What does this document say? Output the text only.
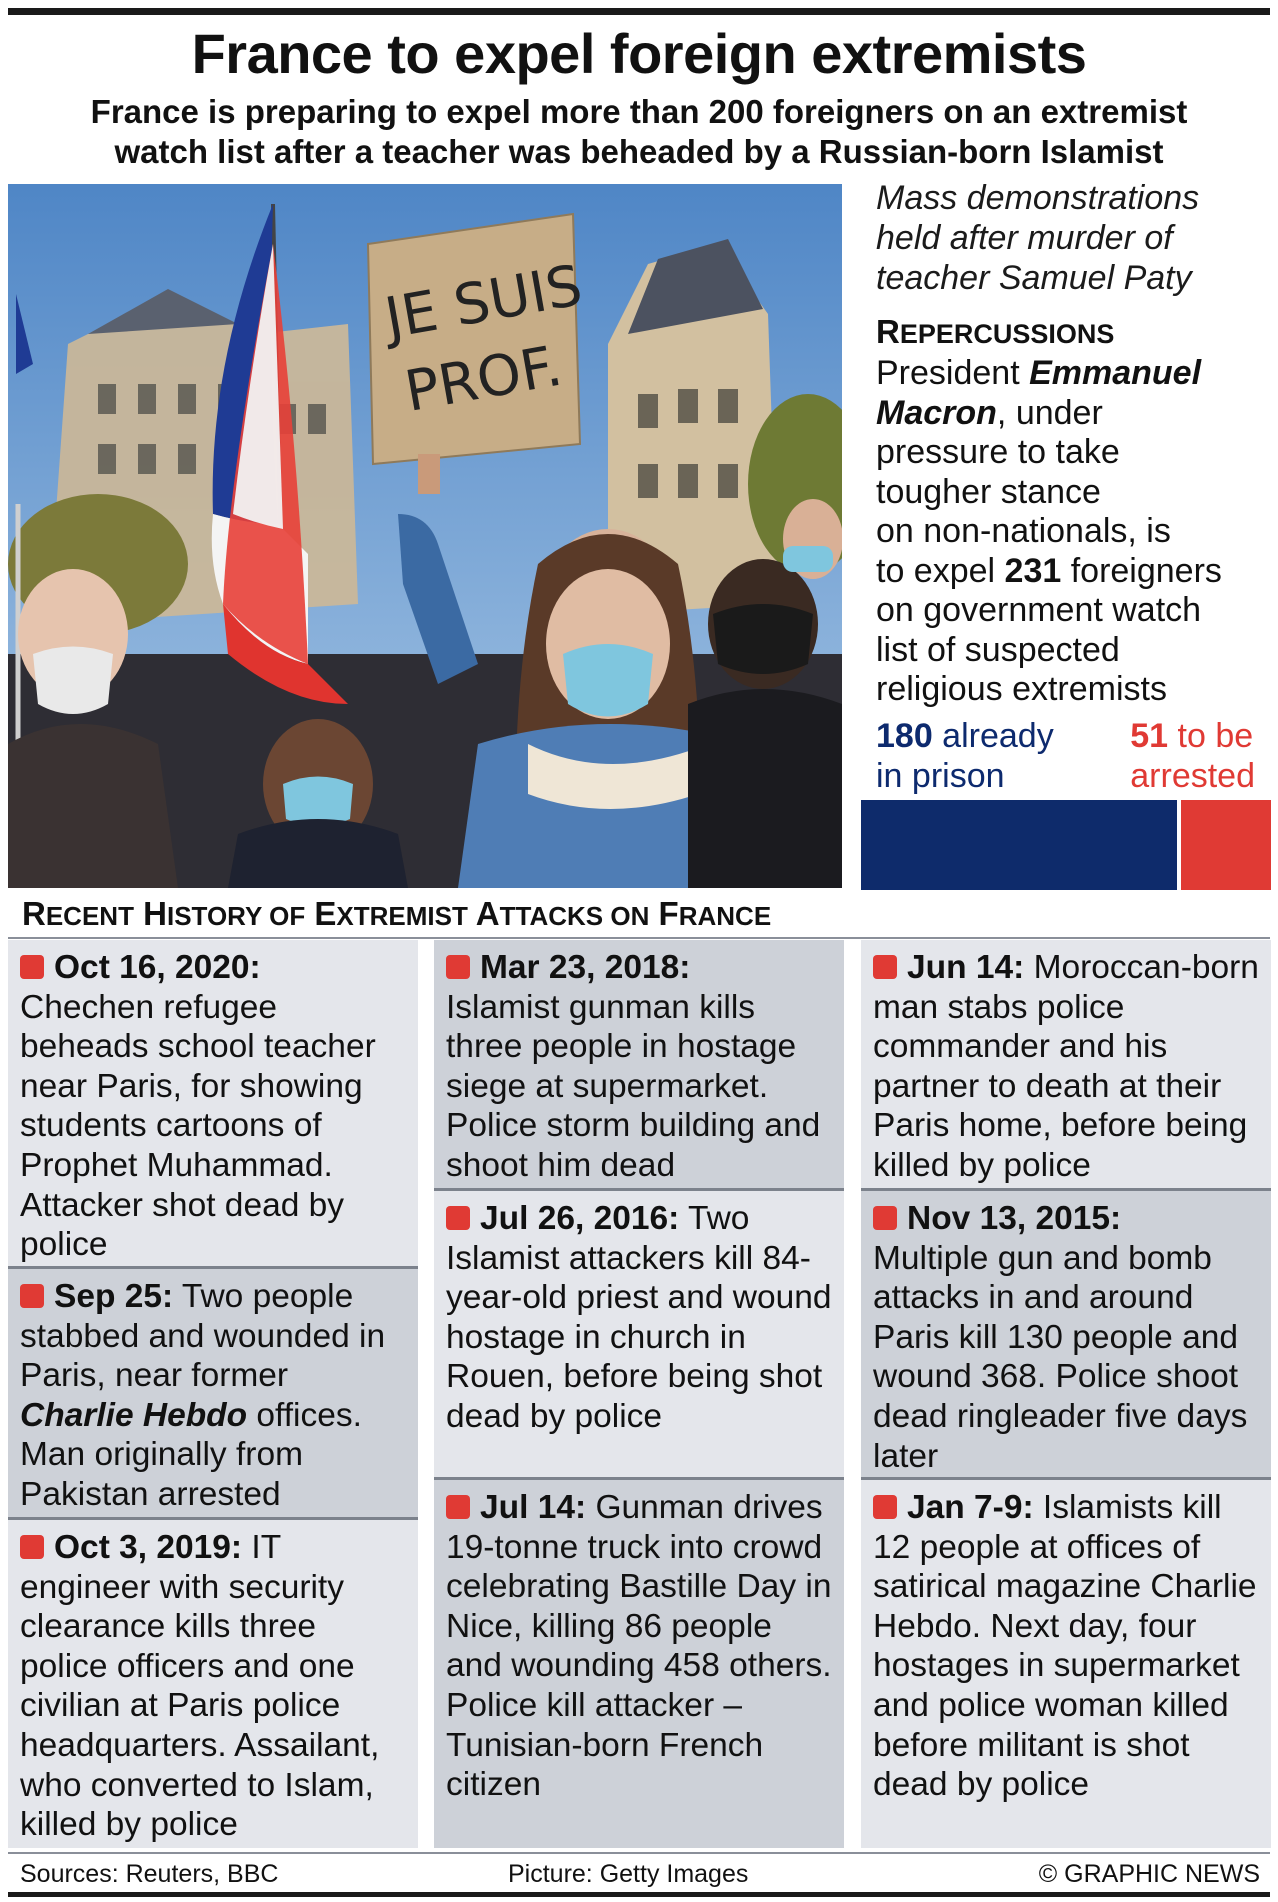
France to expel foreign extremists
France is preparing to expel more than 200 foreigners on an extremist
watch list after a teacher was beheaded by a Russian-born Islamist
JE SUIS
PROF.
Mass demonstrations
held after murder of
teacher Samuel Paty
REPERCUSSIONS
President Emmanuel
Macron, under
pressure to take
tougher stance
on non-nationals, is
to expel 231 foreigners
on government watch
list of suspected
religious extremists
180 already
in prison
51 to be
arrested
RECENT HISTORY OF EXTREMIST ATTACKS ON FRANCE
Oct 16, 2020:
Chechen refugee beheads school teacher near Paris, for showing students cartoons of Prophet Muhammad. Attacker shot dead by police
Sep 25: Two people stabbed and wounded in Paris, near former Charlie Hebdo offices. Man originally from Pakistan arrested
Oct 3, 2019: IT engineer with security clearance kills three police officers and one civilian at Paris police headquarters. Assailant, who converted to Islam, killed by police
Mar 23, 2018:
Islamist gunman kills three people in hostage siege at supermarket. Police storm building and shoot him dead
Jul 26, 2016: Two Islamist attackers kill 84-year-old priest and wound hostage in church in Rouen, before being shot dead by police
Jul 14: Gunman drives 19-tonne truck into crowd celebrating Bastille Day in Nice, killing 86 people and wounding 458 others. Police kill attacker – Tunisian-born French citizen
Jun 14: Moroccan-born man stabs police commander and his partner to death at their Paris home, before being killed by police
Nov 13, 2015:
Multiple gun and bomb attacks in and around Paris kill 130 people and wound 368. Police shoot dead ringleader five days later
Jan 7-9: Islamists kill 12 people at offices of satirical magazine Charlie Hebdo. Next day, four hostages in supermarket and police woman killed before militant is shot dead by police
Sources: Reuters, BBC	Picture: Getty Images	© GRAPHIC NEWS
